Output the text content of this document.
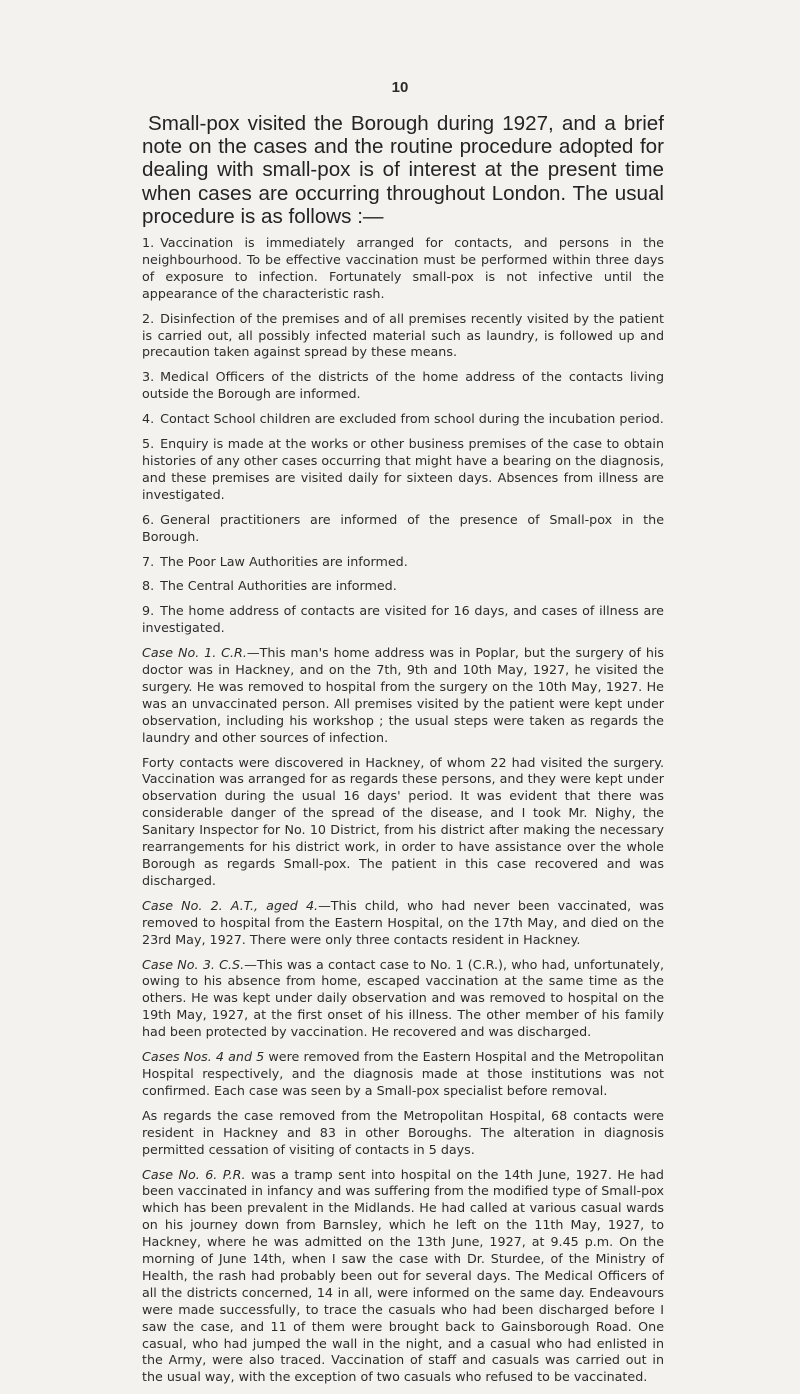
10

Small-pox visited the Borough during 1927, and a brief note on the cases and the routine procedure adopted for dealing with small-pox is of interest at the present time when cases are occurring throughout London. The usual procedure is as follows :—

1. Vaccination is immediately arranged for contacts, and persons in the neighbourhood. To be effective vaccination must be performed within three days of exposure to infection. Fortunately small-pox is not infective until the appearance of the characteristic rash.

2. Disinfection of the premises and of all premises recently visited by the patient is carried out, all possibly infected material such as laundry, is followed up and precaution taken against spread by these means.

3. Medical Officers of the districts of the home address of the contacts living outside the Borough are informed.

4. Contact School children are excluded from school during the incubation period.

5. Enquiry is made at the works or other business premises of the case to obtain histories of any other cases occurring that might have a bearing on the diagnosis, and these premises are visited daily for sixteen days. Absences from illness are investigated.

6. General practitioners are informed of the presence of Small-pox in the Borough.

7. The Poor Law Authorities are informed.

8. The Central Authorities are informed.

9. The home address of contacts are visited for 16 days, and cases of illness are investigated.

Case No. 1. C.R.—This man's home address was in Poplar, but the surgery of his doctor was in Hackney, and on the 7th, 9th and 10th May, 1927, he visited the surgery. He was removed to hospital from the surgery on the 10th May, 1927. He was an unvaccinated person. All premises visited by the patient were kept under observation, including his workshop ; the usual steps were taken as regards the laundry and other sources of infection.

Forty contacts were discovered in Hackney, of whom 22 had visited the surgery. Vaccination was arranged for as regards these persons, and they were kept under observation during the usual 16 days' period. It was evident that there was considerable danger of the spread of the disease, and I took Mr. Nighy, the Sanitary Inspector for No. 10 District, from his district after making the necessary rearrangements for his district work, in order to have assistance over the whole Borough as regards Small-pox. The patient in this case recovered and was discharged.

Case No. 2. A.T., aged 4.—This child, who had never been vaccinated, was removed to hospital from the Eastern Hospital, on the 17th May, and died on the 23rd May, 1927. There were only three contacts resident in Hackney.

Case No. 3. C.S.—This was a contact case to No. 1 (C.R.), who had, unfortunately, owing to his absence from home, escaped vaccination at the same time as the others. He was kept under daily observation and was removed to hospital on the 19th May, 1927, at the first onset of his illness. The other member of his family had been protected by vaccination. He recovered and was discharged.

Cases Nos. 4 and 5 were removed from the Eastern Hospital and the Metropolitan Hospital respectively, and the diagnosis made at those institutions was not confirmed. Each case was seen by a Small-pox specialist before removal.

As regards the case removed from the Metropolitan Hospital, 68 contacts were resident in Hackney and 83 in other Boroughs. The alteration in diagnosis permitted cessation of visiting of contacts in 5 days.

Case No. 6. P.R. was a tramp sent into hospital on the 14th June, 1927. He had been vaccinated in infancy and was suffering from the modified type of Small-pox which has been prevalent in the Midlands. He had called at various casual wards on his journey down from Barnsley, which he left on the 11th May, 1927, to Hackney, where he was admitted on the 13th June, 1927, at 9.45 p.m. On the morning of June 14th, when I saw the case with Dr. Sturdee, of the Ministry of Health, the rash had probably been out for several days. The Medical Officers of all the districts concerned, 14 in all, were informed on the same day. Endeavours were made successfully, to trace the casuals who had been discharged before I saw the case, and 11 of them were brought back to Gainsborough Road. One casual, who had jumped the wall in the night, and a casual who had enlisted in the Army, were also traced. Vaccination of staff and casuals was carried out in the usual way, with the exception of two casuals who refused to be vaccinated.
